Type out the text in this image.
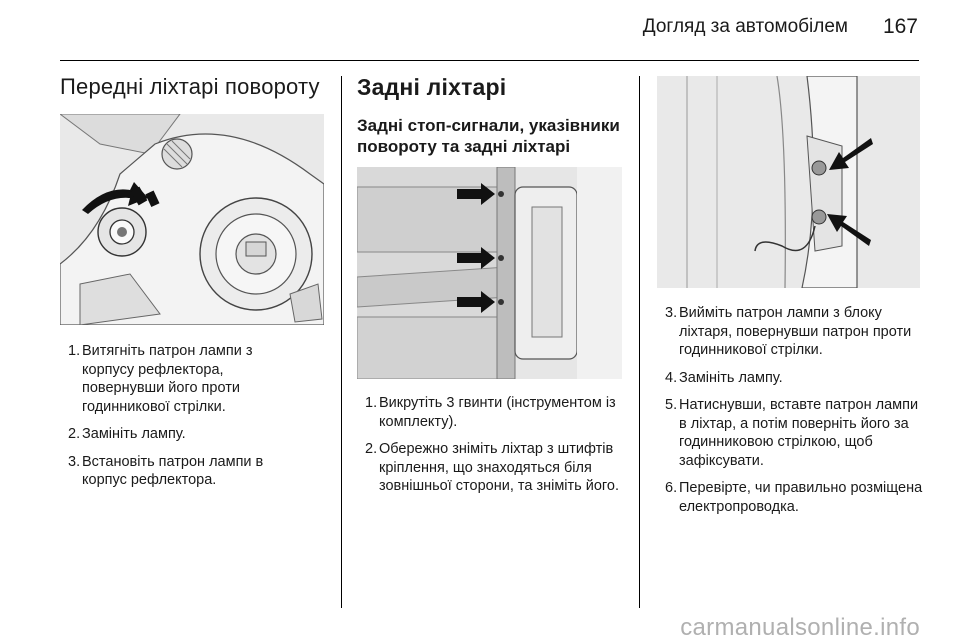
Догляд за автомобілем 167
Передні ліхтарі повороту
1. Витягніть патрон лампи з корпусу рефлектора, повернувши його проти годинникової стрілки.
2. Замініть лампу.
3. Встановіть патрон лампи в корпус рефлектора.
Задні ліхтарі
Задні стоп-сигнали, указівники повороту та задні ліхтарі
1. Викрутіть 3 гвинти (інструментом із комплекту).
2. Обережно зніміть ліхтар з штифтів кріплення, що знаходяться біля зовнішньої сторони, та зніміть його.
3. Вийміть патрон лампи з блоку ліхтаря, повернувши патрон проти годинникової стрілки.
4. Замініть лампу.
5. Натиснувши, вставте патрон лампи в ліхтар, а потім поверніть його за годинниковою стрілкою, щоб зафіксувати.
6. Перевірте, чи правильно розміщена електропроводка.
carmanualsonline.info
